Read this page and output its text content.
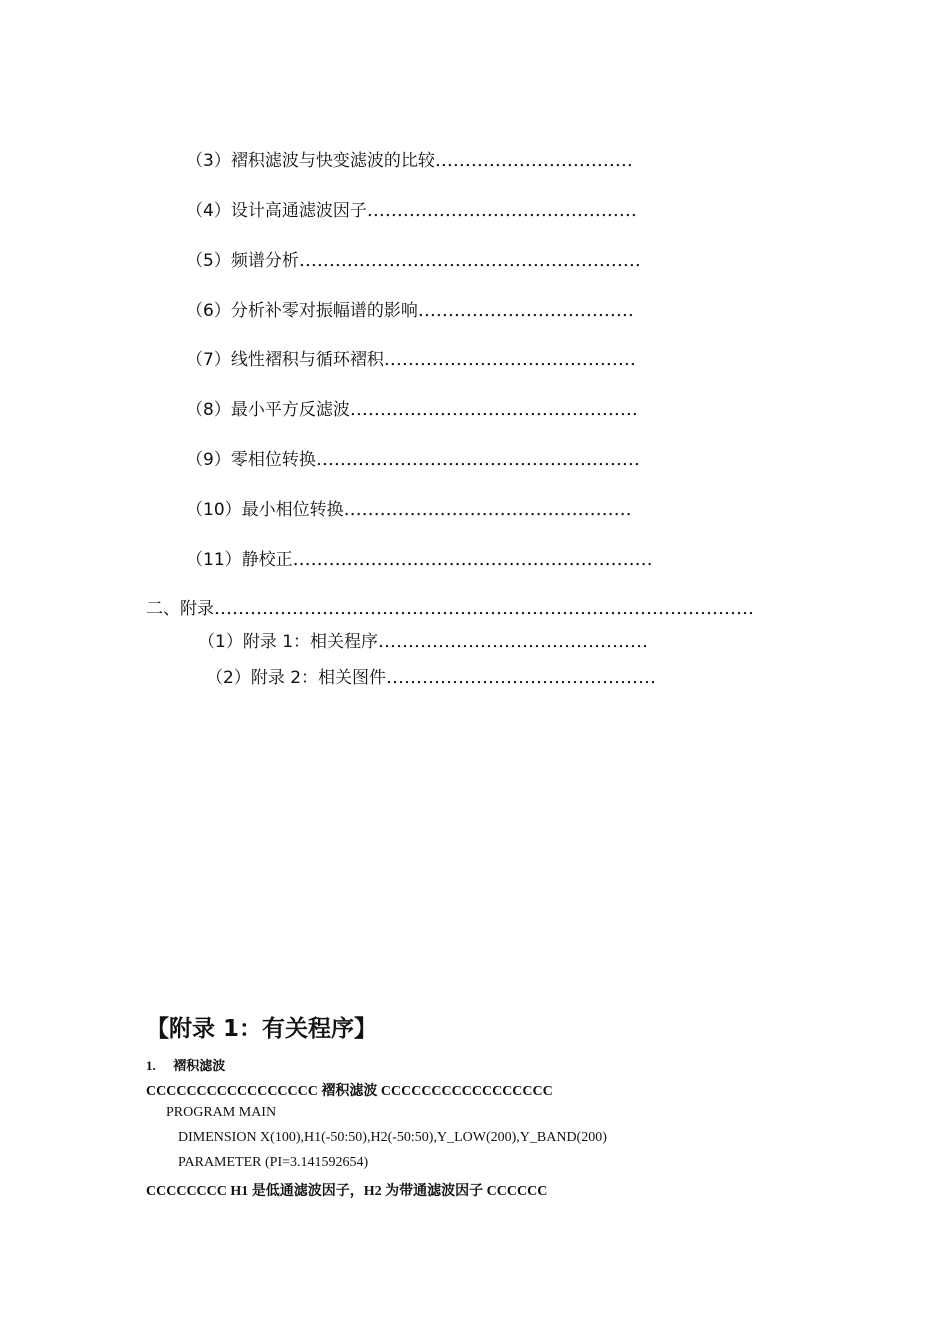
（3）褶积滤波与快变滤波的比较……………………………
（4）设计高通滤波因子………………………………………
（5）频谱分析…………………………………………………
（6）分析补零对振幅谱的影响………………………………
（7）线性褶积与循环褶积……………………………………
（8）最小平方反滤波…………………………………………
（9）零相位转换………………………………………………
（10）最小相位转换…………………………………………
（11）静校正……………………………………………………
二、附录………………………………………………………………………………
（1）附录 1：相关程序………………………………………
（2）附录 2：相关图件………………………………………
【附录 1：有关程序】
1. 褶积滤波
CCCCCCCCCCCCCCCCC 褶积滤波 CCCCCCCCCCCCCCCCC
PROGRAM MAIN
DIMENSION X(100),H1(-50:50),H2(-50:50),Y_LOW(200),Y_BAND(200)
PARAMETER (PI=3.141592654)
CCCCCCCC H1 是低通滤波因子，H2 为带通滤波因子 CCCCCC
